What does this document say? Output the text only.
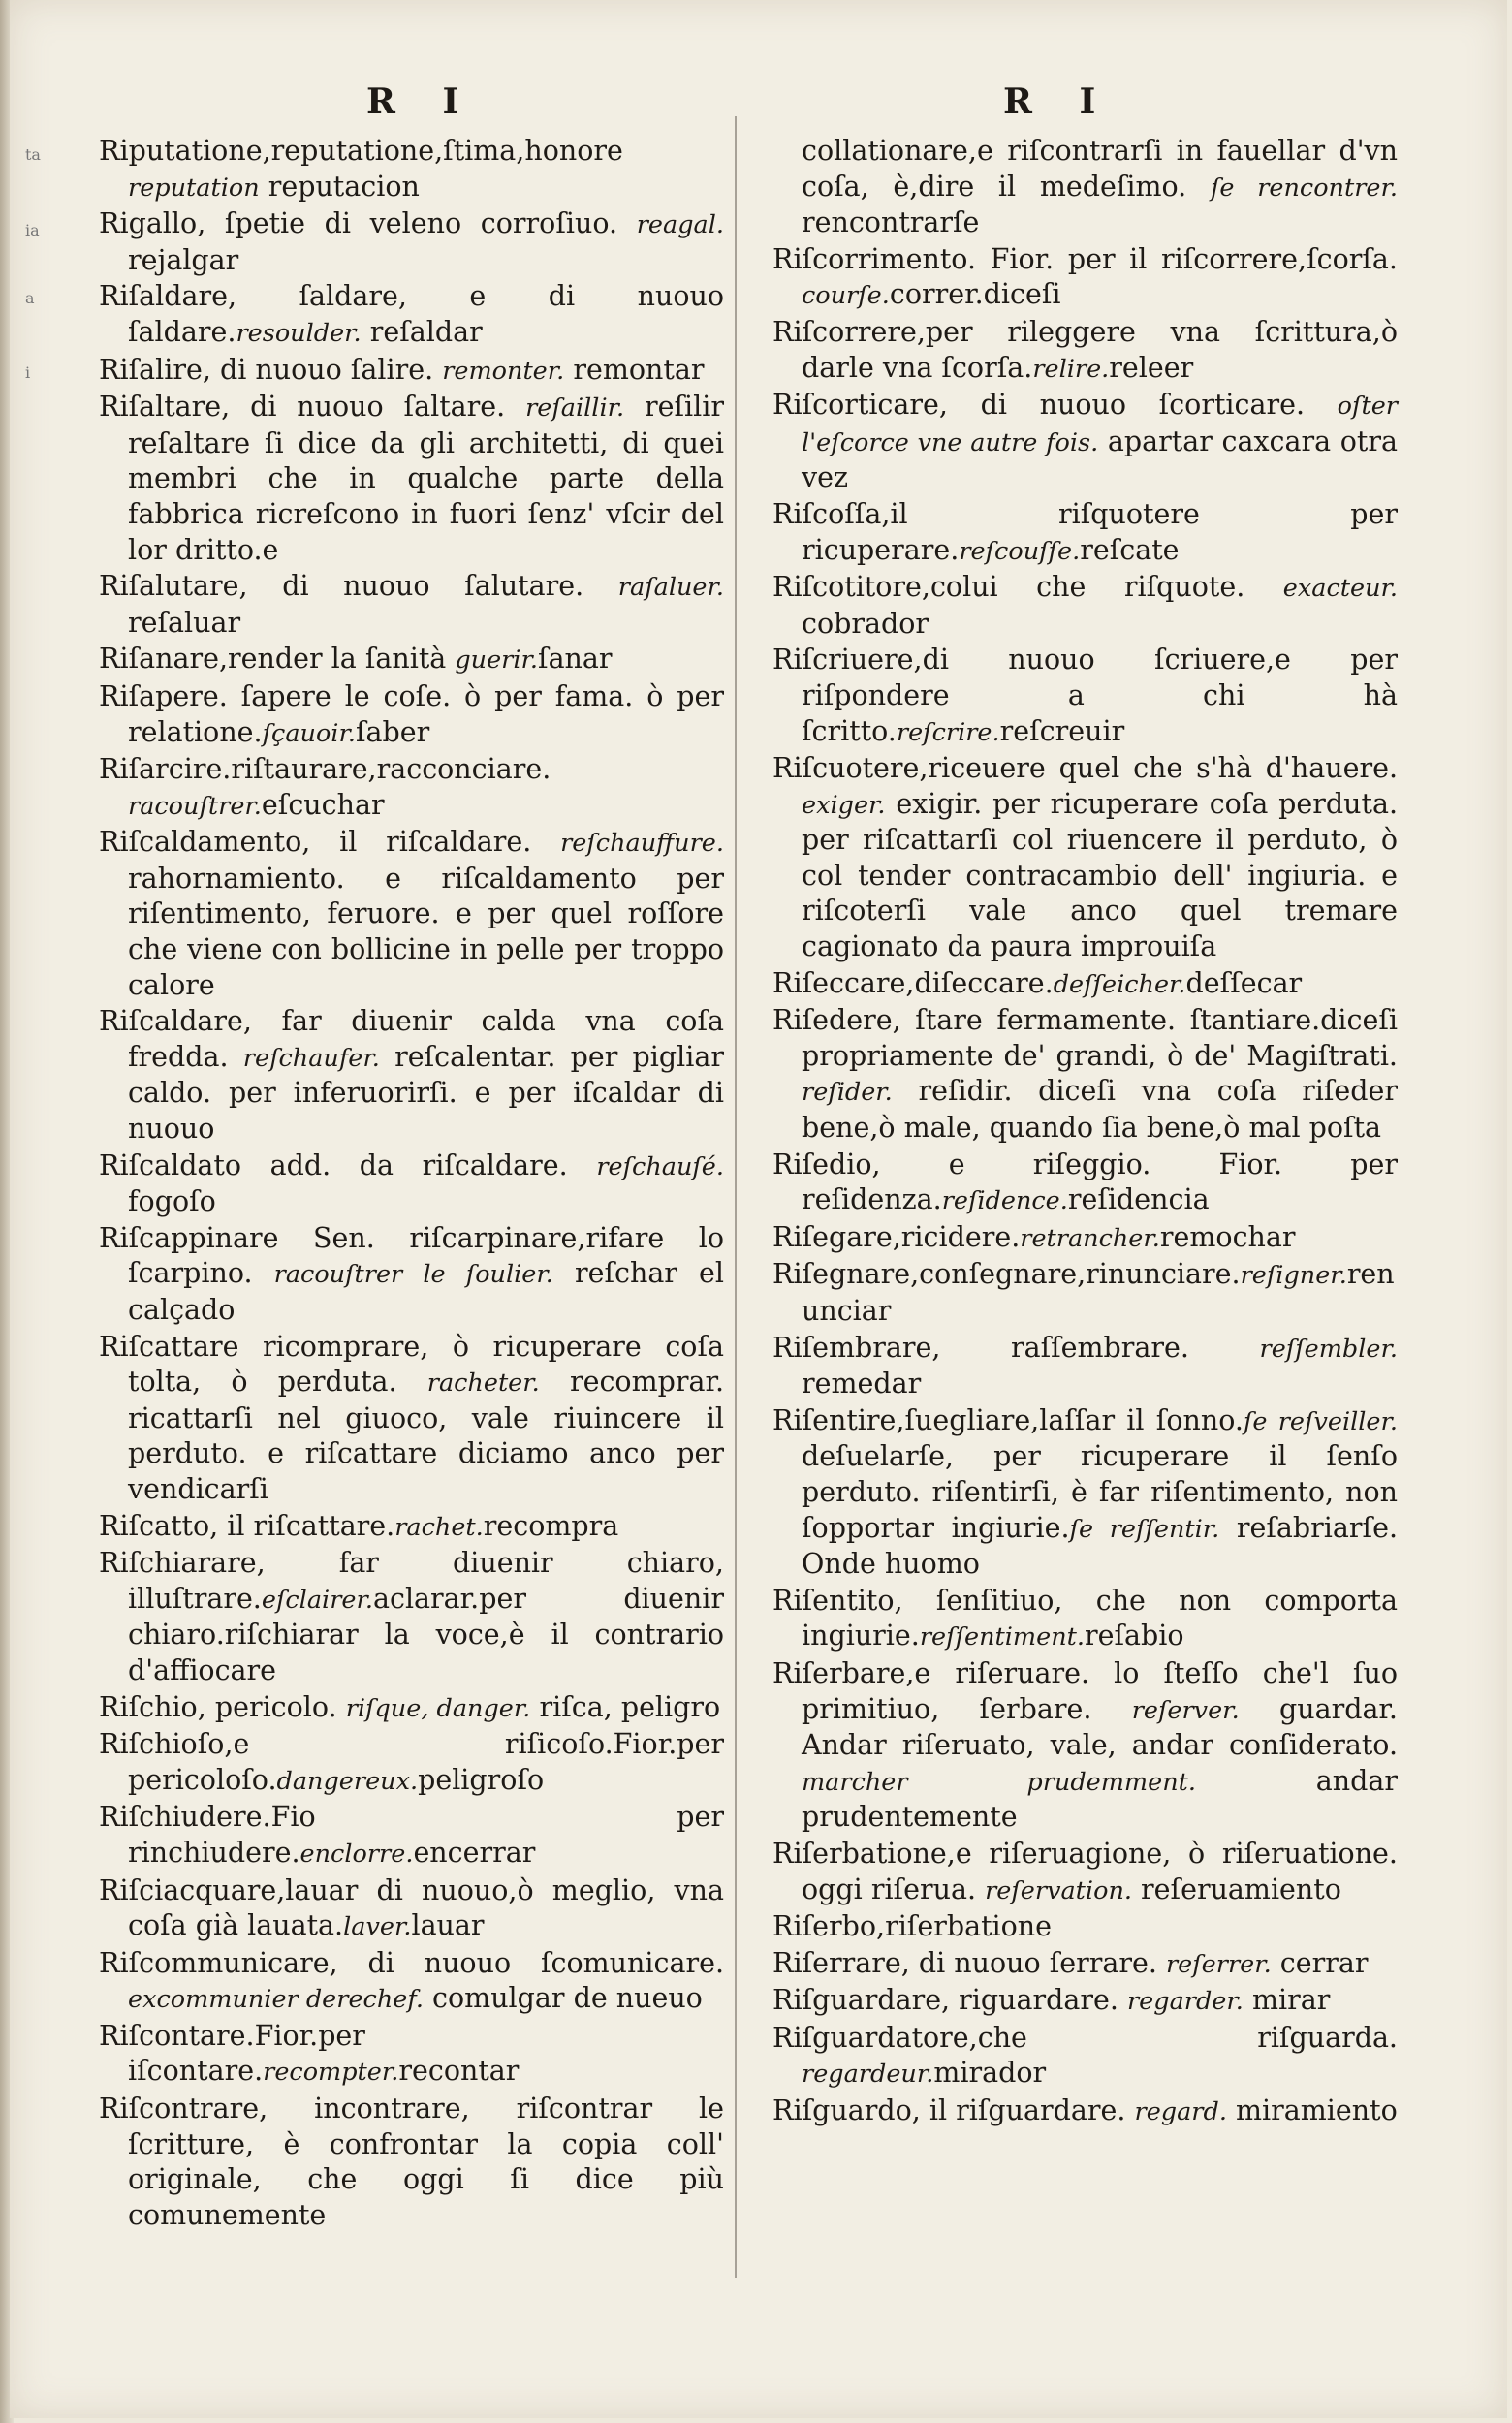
ta
ia
a
i
R I	R I
Riputatione,reputatione,ſtima,honore reputation reputacion
Rigallo, ſpetie di veleno corroſiuo. reagal. rejalgar
Riſaldare, ſaldare, e di nuouo ſaldare.resoulder. reſaldar
Riſalire, di nuouo ſalire. remonter. remontar
Riſaltare, di nuouo ſaltare. reſaillir. reſilir reſaltare ſi dice da gli architetti, di quei membri che in qualche parte della fabbrica ricreſcono in fuori ſenz' vſcir del lor dritto.e
Riſalutare, di nuouo ſalutare. raſaluer. reſaluar
Riſanare,render la ſanità guerir.ſanar
Riſapere. ſapere le coſe. ò per fama. ò per relatione.ſçauoir.ſaber
Riſarcire.riſtaurare,racconciare. racouſtrer.eſcuchar
Riſcaldamento, il riſcaldare. reſchauffure. rahornamiento. e riſcaldamento per riſentimento, feruore. e per quel roſſore che viene con bollicine in pelle per troppo calore
Riſcaldare, far diuenir calda vna coſa fredda. reſchaufer. reſcalentar. per pigliar caldo. per inferuorirſi. e per iſcaldar di nuouo
Riſcaldato add. da riſcaldare. reſchauſé. fogoſo
Riſcappinare Sen. riſcarpinare,rifare lo ſcarpino. racouſtrer le ſoulier. reſchar el calçado
Riſcattare ricomprare, ò ricuperare coſa tolta, ò perduta. racheter. recomprar. ricattarſi nel giuoco, vale riuincere il perduto. e riſcattare diciamo anco per vendicarſi
Riſcatto, il riſcattare.rachet.recompra
Riſchiarare, far diuenir chiaro, illuſtrare.eſclairer.aclarar.per diuenir chiaro.riſchiarar la voce,è il contrario d'affiocare
Riſchio, pericolo. riſque, danger. riſca, peligro
Riſchioſo,e riſicoſo.Fior.per pericoloſo.dangereux.peligroſo
Riſchiudere.Fio per rinchiudere.enclorre.encerrar
Riſciacquare,lauar di nuouo,ò meglio, vna coſa già lauata.laver.lauar
Riſcommunicare, di nuouo ſcomunicare. excommunier derechef. comulgar de nueuo
Riſcontare.Fior.per iſcontare.recompter.recontar
Riſcontrare, incontrare, riſcontrar le ſcritture, è confrontar la copia coll' originale, che oggi ſi dice più comunemente
collationare,e riſcontrarſi in fauellar d'vn coſa, è,dire il medeſimo. ſe rencontrer. rencontrarſe
Riſcorrimento. Fior. per il riſcorrere,ſcorſa. courſe.correr.diceſi
Riſcorrere,per rileggere vna ſcrittura,ò darle vna ſcorſa.relire.releer
Riſcorticare, di nuouo ſcorticare. oſter l'eſcorce vne autre fois. apartar caxcara otra vez
Riſcoſſa,il riſquotere per ricuperare.reſcouſſe.reſcate
Riſcotitore,colui che riſquote. exacteur. cobrador
Riſcriuere,di nuouo ſcriuere,e per riſpondere a chi hà ſcritto.reſcrire.reſcreuir
Riſcuotere,riceuere quel che s'hà d'hauere. exiger. exigir. per ricuperare coſa perduta. per riſcattarſi col riuencere il perduto, ò col tender contracambio dell' ingiuria. e riſcoterſi vale anco quel tremare cagionato da paura improuiſa
Riſeccare,diſeccare.deſſeicher.deſſecar
Riſedere, ſtare fermamente. ſtantiare.diceſi propriamente de' grandi, ò de' Magiſtrati. reſider. reſidir. diceſi vna coſa riſeder bene,ò male, quando ſia bene,ò mal poſta
Riſedio, e riſeggio. Fior. per reſidenza.reſidence.reſidencia
Riſegare,ricidere.retrancher.remochar
Riſegnare,conſegnare,rinunciare.reſigner.renunciar
Riſembrare, raſſembrare. reſſembler. remedar
Riſentire,ſuegliare,laſſar il ſonno.ſe reſveiller. deſuelarſe, per ricuperare il ſenſo perduto. riſentirſi, è far riſentimento, non ſopportar ingiurie.ſe reſſentir. reſabriarſe. Onde huomo
Riſentito, ſenſitiuo, che non comporta ingiurie.reſſentiment.reſabio
Riſerbare,e riſeruare. lo ſteſſo che'l ſuo primitiuo, ſerbare. reſerver. guardar. Andar riſeruato, vale, andar conſiderato. marcher prudemment. andar prudentemente
Riſerbatione,e riſeruagione, ò riſeruatione. oggi riſerua. reſervation. reſeruamiento
Riſerbo,riſerbatione
Riſerrare, di nuouo ſerrare. reſerrer. cerrar
Riſguardare, riguardare. regarder. mirar
Riſguardatore,che riſguarda. regardeur.mirador
Riſguardo, il riſguardare. regard. miramiento
